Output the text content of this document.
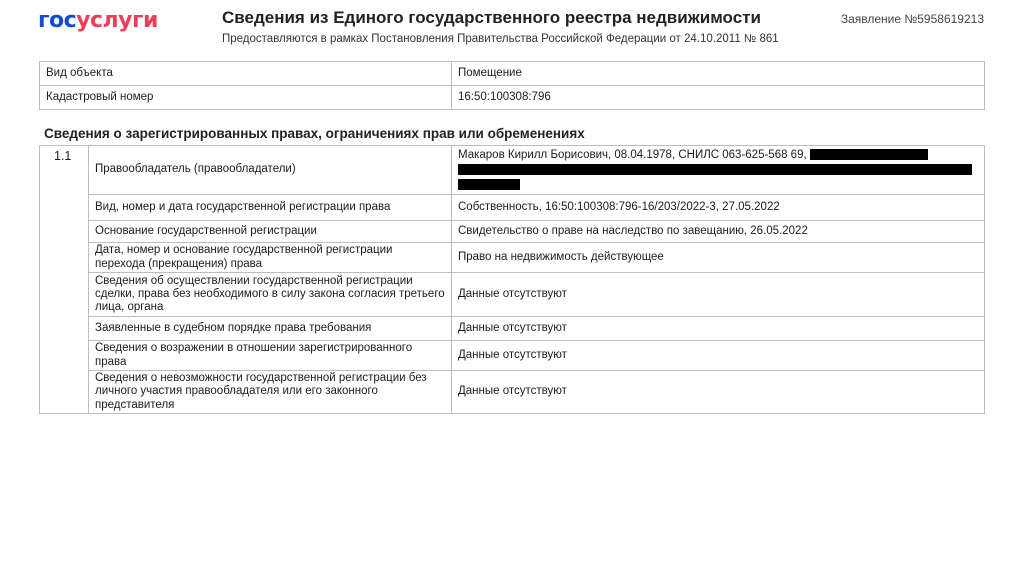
госуслуги	Сведения из Единого государственного реестра недвижимости
Предоставляются в рамках Постановления Правительства Российской Федерации от 24.10.2011 № 861
Заявление №5958619213
Вид объекта	Помещение
Кадастровый номер	16:50:100308:796
Сведения о зарегистрированных правах, ограничениях прав или обременениях
1.1	Правообладатель (правообладатели)	Макаров Кирилл Борисович, 08.04.1978, СНИЛС 063-625-568 69,

	Вид, номер и дата государственной регистрации права	Собственность, 16:50:100308:796-16/203/2022-3, 27.05.2022
	Основание государственной регистрации	Свидетельство о праве на наследство по завещанию, 26.05.2022
	Дата, номер и основание государственной регистрации перехода (прекращения) права	Право на недвижимость действующее
	Сведения об осуществлении государственной регистрации сделки, права без необходимого в силу закона согласия третьего лица, органа	Данные отсутствуют
	Заявленные в судебном порядке права требования	Данные отсутствуют
	Сведения о возражении в отношении зарегистрированного права	Данные отсутствуют
	Сведения о невозможности государственной регистрации без личного участия правообладателя или его законного представителя	Данные отсутствуют
